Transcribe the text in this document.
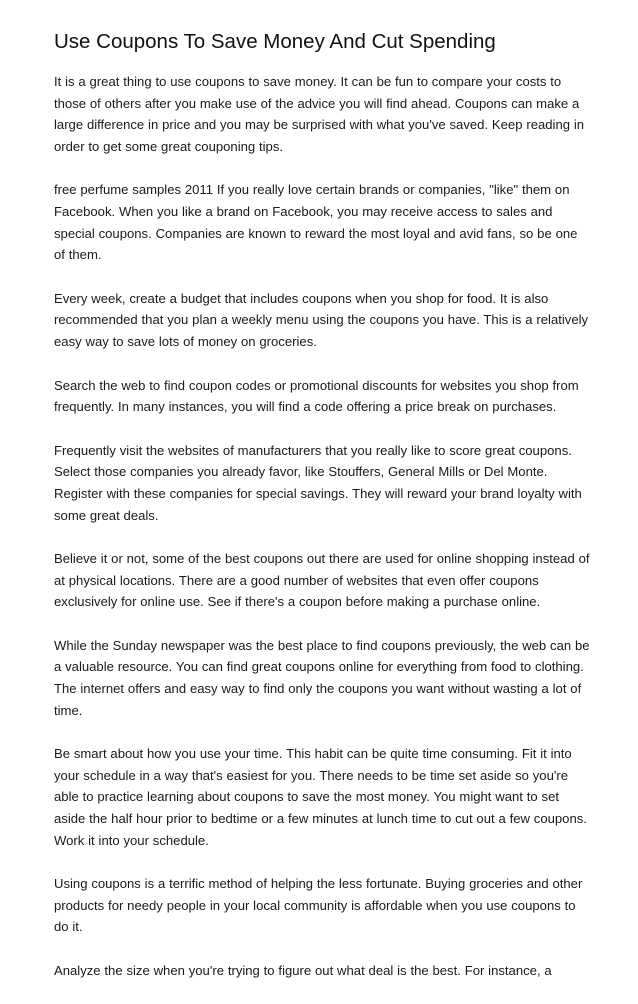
Use Coupons To Save Money And Cut Spending

It is a great thing to use coupons to save money. It can be fun to compare your costs to those of others after you make use of the advice you will find ahead. Coupons can make a large difference in price and you may be surprised with what you've saved. Keep reading in order to get some great couponing tips.

free perfume samples 2011 If you really love certain brands or companies, "like" them on Facebook. When you like a brand on Facebook, you may receive access to sales and special coupons. Companies are known to reward the most loyal and avid fans, so be one of them.

Every week, create a budget that includes coupons when you shop for food. It is also recommended that you plan a weekly menu using the coupons you have. This is a relatively easy way to save lots of money on groceries.

Search the web to find coupon codes or promotional discounts for websites you shop from frequently. In many instances, you will find a code offering a price break on purchases.

Frequently visit the websites of manufacturers that you really like to score great coupons. Select those companies you already favor, like Stouffers, General Mills or Del Monte. Register with these companies for special savings. They will reward your brand loyalty with some great deals.

Believe it or not, some of the best coupons out there are used for online shopping instead of at physical locations. There are a good number of websites that even offer coupons exclusively for online use. See if there's a coupon before making a purchase online.

While the Sunday newspaper was the best place to find coupons previously, the web can be a valuable resource. You can find great coupons online for everything from food to clothing. The internet offers and easy way to find only the coupons you want without wasting a lot of time.

Be smart about how you use your time. This habit can be quite time consuming. Fit it into your schedule in a way that's easiest for you. There needs to be time set aside so you're able to practice learning about coupons to save the most money. You might want to set aside the half hour prior to bedtime or a few minutes at lunch time to cut out a few coupons. Work it into your schedule.

Using coupons is a terrific method of helping the less fortunate. Buying groceries and other products for needy people in your local community is affordable when you use coupons to do it.

Analyze the size when you're trying to figure out what deal is the best. For instance, a
